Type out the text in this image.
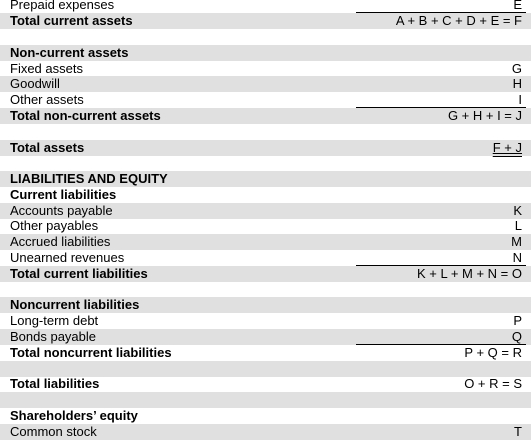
Prepaid expenses	E
Total current assets	A + B + C + D + E = F
Non-current assets
Fixed assets	G
Goodwill	H
Other assets	I
Total non-current assets	G + H + I = J
Total assets	F + J
LIABILITIES AND EQUITY
Current liabilities
Accounts payable	K
Other payables	L
Accrued liabilities	M
Unearned revenues	N
Total current liabilities	K + L + M + N = O
Noncurrent liabilities
Long-term debt	P
Bonds payable	Q
Total noncurrent liabilities	P + Q = R
Total liabilities	O + R = S
Shareholders’ equity
Common stock	T
